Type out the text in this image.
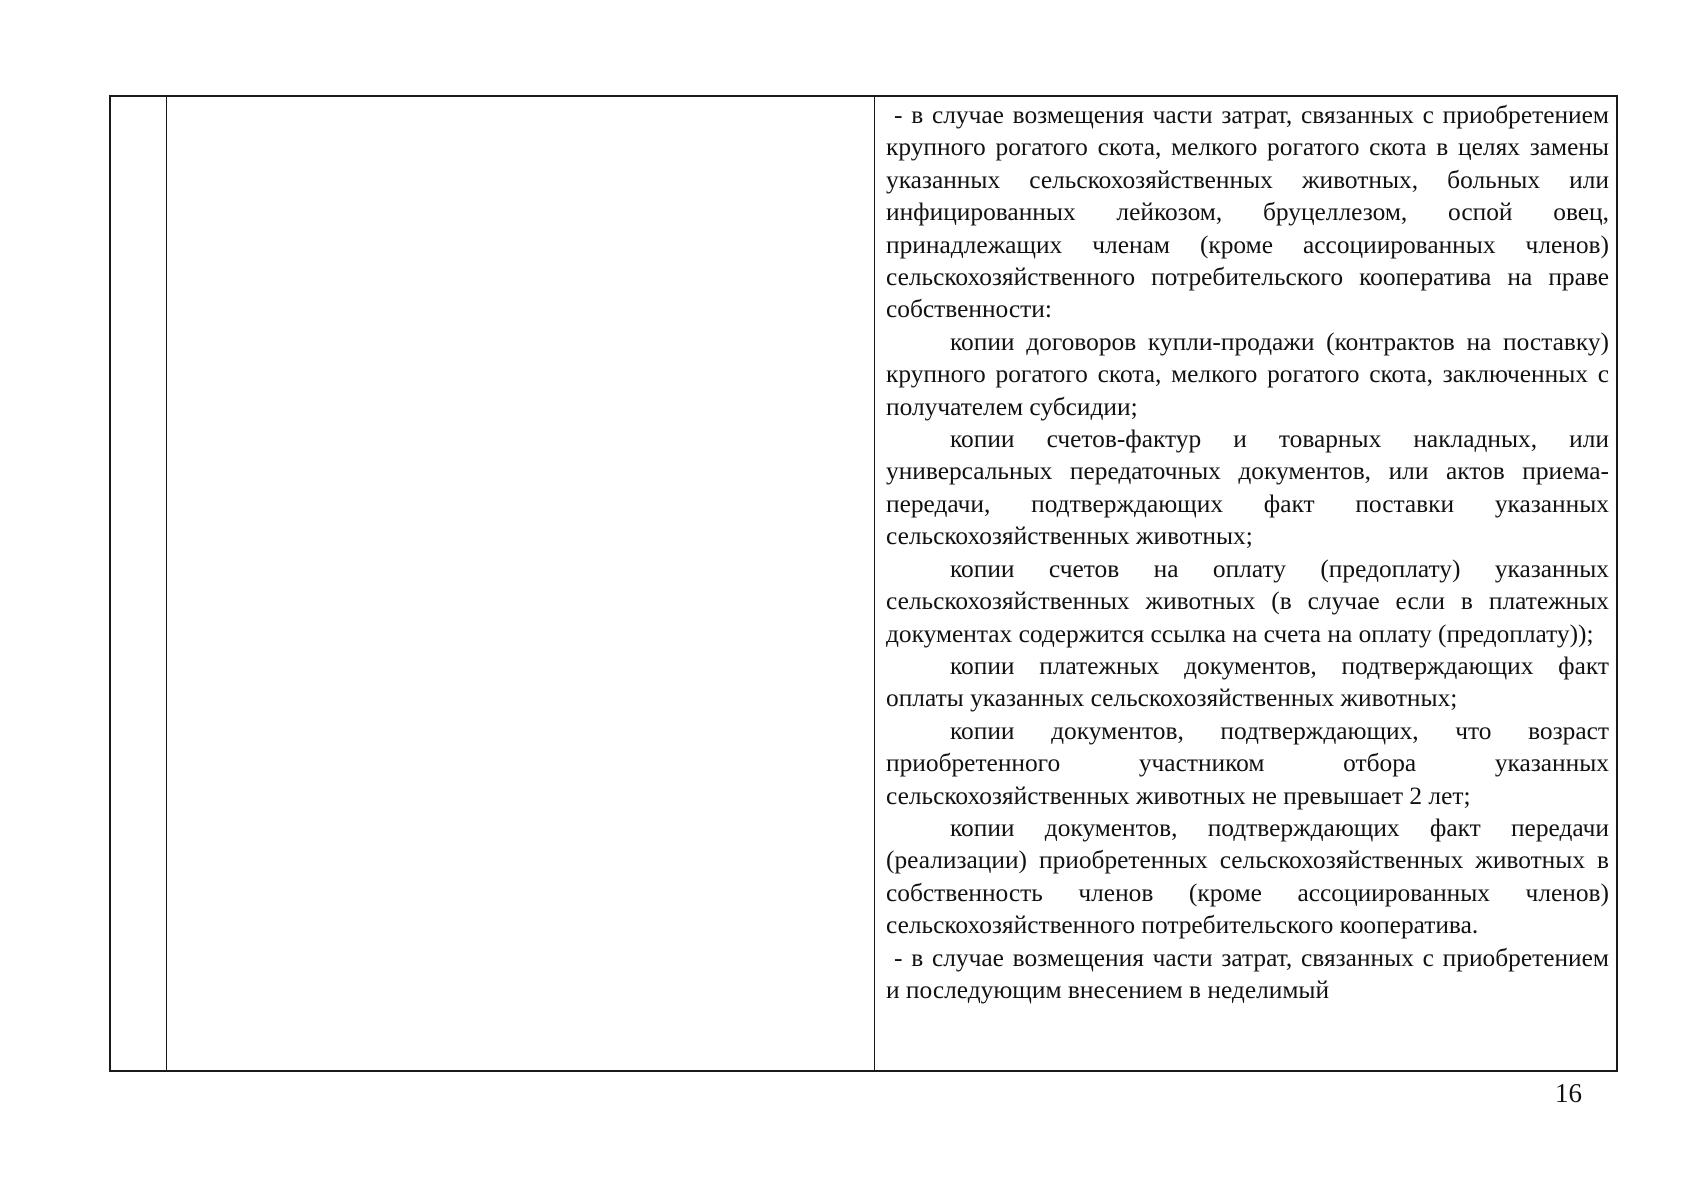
- в случае возмещения части затрат, связанных с приобретением крупного рогатого скота, мелкого рогатого скота в целях замены указанных сельскохозяйственных животных, больных или инфицированных лейкозом, бруцеллезом, оспой овец, принадлежащих членам (кроме ассоциированных членов) сельскохозяйственного потребительского кооператива на праве собственности:

копии договоров купли-продажи (контрактов на поставку) крупного рогатого скота, мелкого рогатого скота, заключенных с получателем субсидии;

копии счетов-фактур и товарных накладных, или универсальных передаточных документов, или актов приема-передачи, подтверждающих факт поставки указанных сельскохозяйственных животных;

копии счетов на оплату (предоплату) указанных сельскохозяйственных животных (в случае если в платежных документах содержится ссылка на счета на оплату (предоплату));

копии платежных документов, подтверждающих факт оплаты указанных сельскохозяйственных животных;

копии документов, подтверждающих, что возраст приобретенного участником отбора указанных сельскохозяйственных животных не превышает 2 лет;

копии документов, подтверждающих факт передачи (реализации) приобретенных сельскохозяйственных животных в собственность членов (кроме ассоциированных членов) сельскохозяйственного потребительского кооператива.

- в случае возмещения части затрат, связанных с приобретением и последующим внесением в неделимый

16
